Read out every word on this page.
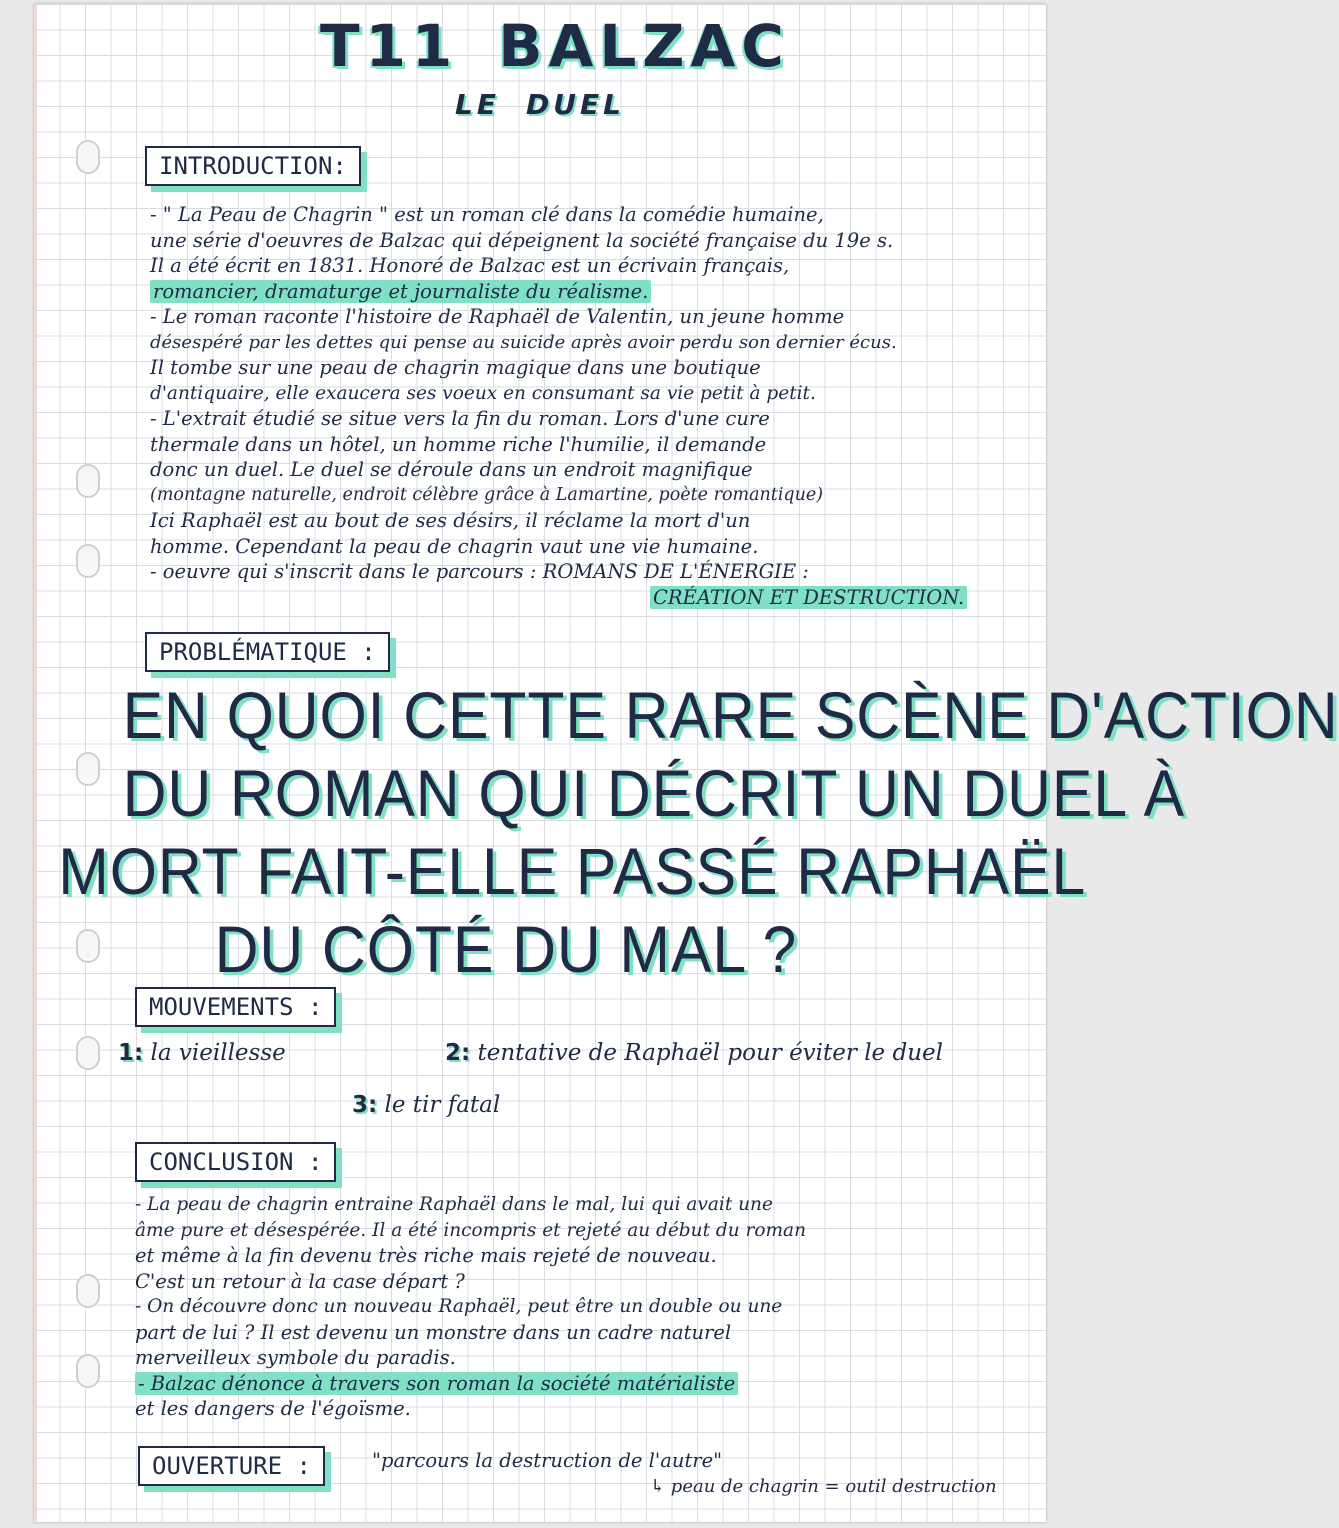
T11 BALZAC
LE DUEL
INTRODUCTION:

- " La Peau de Chagrin " est un roman clé dans la comédie humaine,

une série d'oeuvres de Balzac qui dépeignent la société française du 19e s.

Il a été écrit en 1831. Honoré de Balzac est un écrivain français,

romancier, dramaturge et journaliste du réalisme.

- Le roman raconte l'histoire de Raphaël de Valentin, un jeune homme

désespéré par les dettes qui pense au suicide après avoir perdu son dernier écus.

Il tombe sur une peau de chagrin magique dans une boutique

d'antiquaire, elle exaucera ses voeux en consumant sa vie petit à petit.

- L'extrait étudié se situe vers la fin du roman. Lors d'une cure

thermale dans un hôtel, un homme riche l'humilie, il demande

donc un duel. Le duel se déroule dans un endroit magnifique

(montagne naturelle, endroit célèbre grâce à Lamartine, poète romantique)

Ici Raphaël est au bout de ses désirs, il réclame la mort d'un

homme. Cependant la peau de chagrin vaut une vie humaine.

- oeuvre qui s'inscrit dans le parcours : ROMANS DE L'ÉNERGIE :

CRÉATION ET DESTRUCTION.

PROBLÉMATIQUE :
EN QUOI CETTE RARE SCÈNE D'ACTION
DU ROMAN QUI DÉCRIT UN DUEL À
MORT FAIT-ELLE PASSÉ RAPHAËL
DU CÔTÉ DU MAL ?
MOUVEMENTS :
1: la vieillesse	2: tentative de Raphaël pour éviter le duel
3: le tir fatal
CONCLUSION :

- La peau de chagrin entraine Raphaël dans le mal, lui qui avait une

âme pure et désespérée. Il a été incompris et rejeté au début du roman

et même à la fin devenu très riche mais rejeté de nouveau.

C'est un retour à la case départ ?

- On découvre donc un nouveau Raphaël, peut être un double ou une

part de lui ? Il est devenu un monstre dans un cadre naturel

merveilleux symbole du paradis.

- Balzac dénonce à travers son roman la société matérialiste

et les dangers de l'égoïsme.

OUVERTURE :	"parcours la destruction de l'autre"

↳ peau de chagrin = outil destruction
